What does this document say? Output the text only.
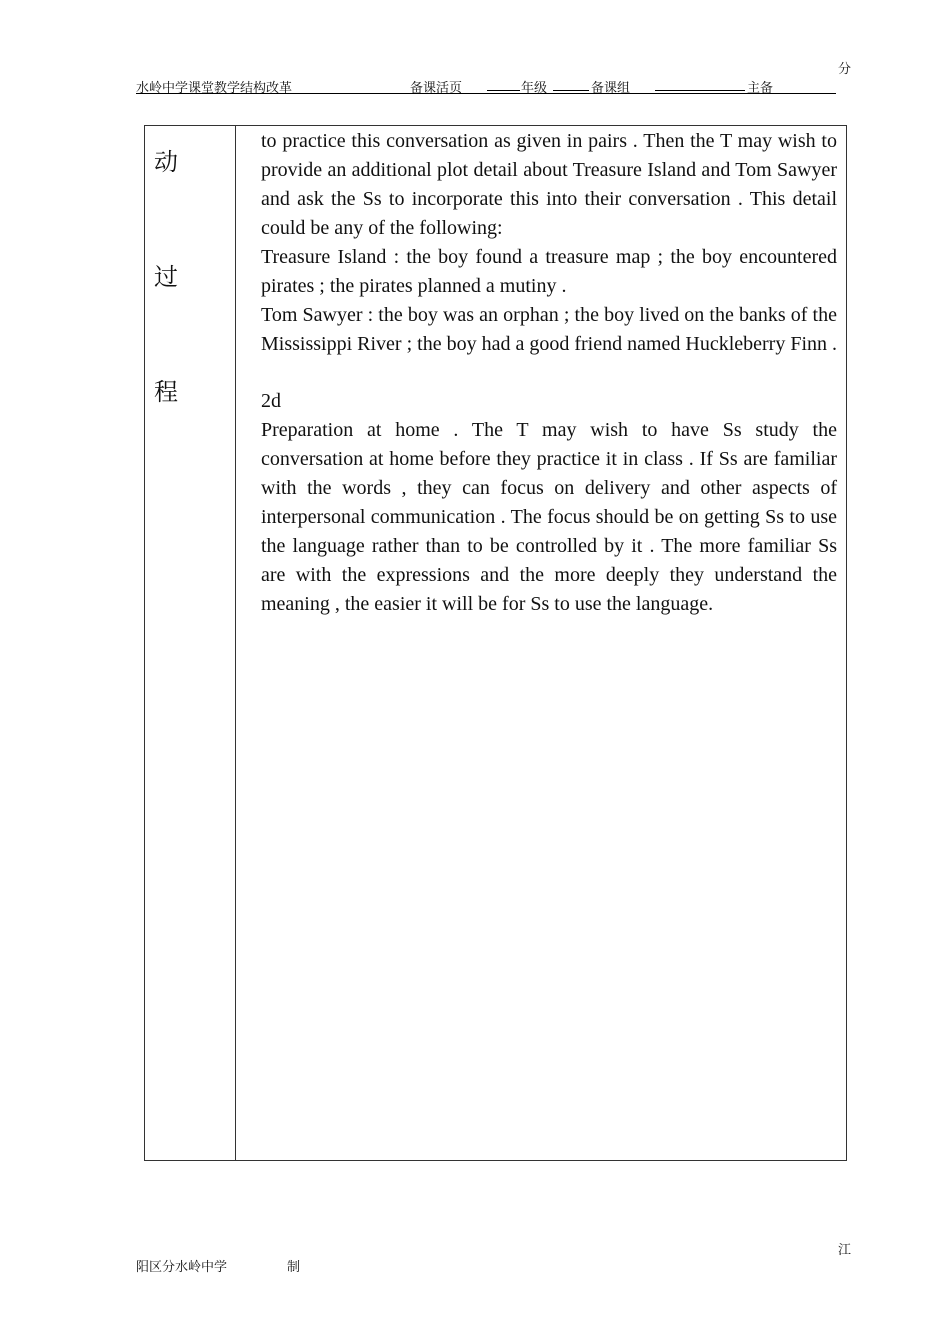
分
水岭中学课堂教学结构改革	备课活页	年级	备课组	主备

动
过
程

to practice this conversation as given in pairs . Then the T may wish to provide an additional plot detail about Treasure Island and Tom Sawyer and ask the Ss to incorporate this into their conversation . This detail could be any of the following:

Treasure Island : the boy found a treasure map ; the boy encountered pirates ; the pirates planned a mutiny .

Tom Sawyer : the boy was an orphan ; the boy lived on the banks of the Mississippi River ; the boy had a good friend named Huckleberry Finn .

2d

Preparation at home . The T may wish to have Ss study the conversation at home before they practice it in class . If Ss are familiar with the words , they can focus on delivery and other aspects of interpersonal communication . The focus should be on getting Ss to use the language rather than to be controlled by it . The more familiar Ss are with the expressions and the more deeply they understand the meaning , the easier it will be for Ss to use the language.

江
阳区分水岭中学	制
